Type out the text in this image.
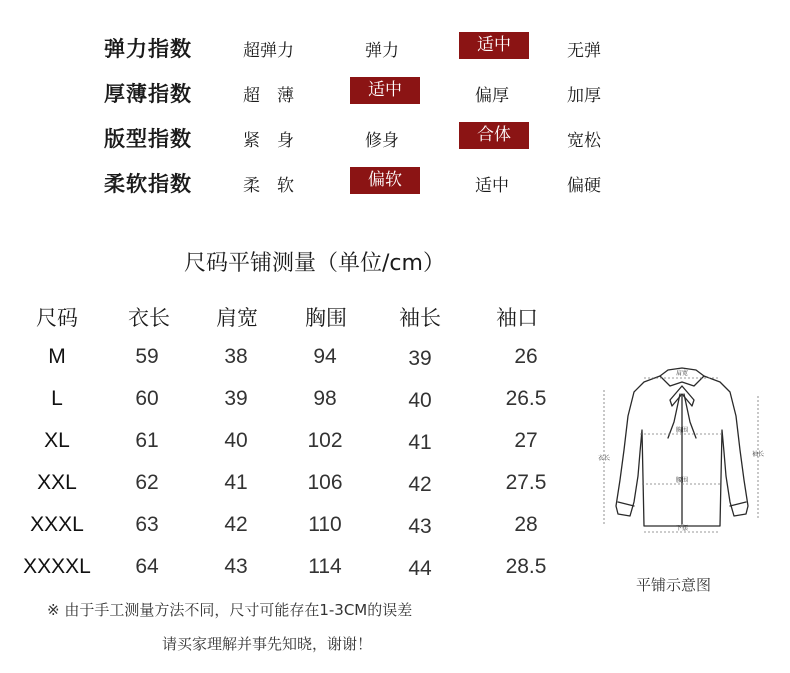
弹力指数	超弹力	弹力	适中	无弹
厚薄指数	超　薄	适中	偏厚	加厚
版型指数	紧　身	修身	合体	宽松
柔软指数	柔　软	偏软	适中	偏硬
尺码平铺测量（单位/cm）
尺码	衣长	肩宽	胸围	袖长	袖口
M	59	38	94	39	26
L	60	39	98	40	26.5
XL	61	40	102	41	27
XXL	62	41	106	42	27.5
XXXL	63	42	110	43	28
XXXXL	64	43	114	44	28.5
※ 由于手工测量方法不同，尺寸可能存在1-3CM的误差
请买家理解并事先知晓，谢谢！
肩宽
胸围
腰围
下摆
衣长
袖长
平铺示意图
